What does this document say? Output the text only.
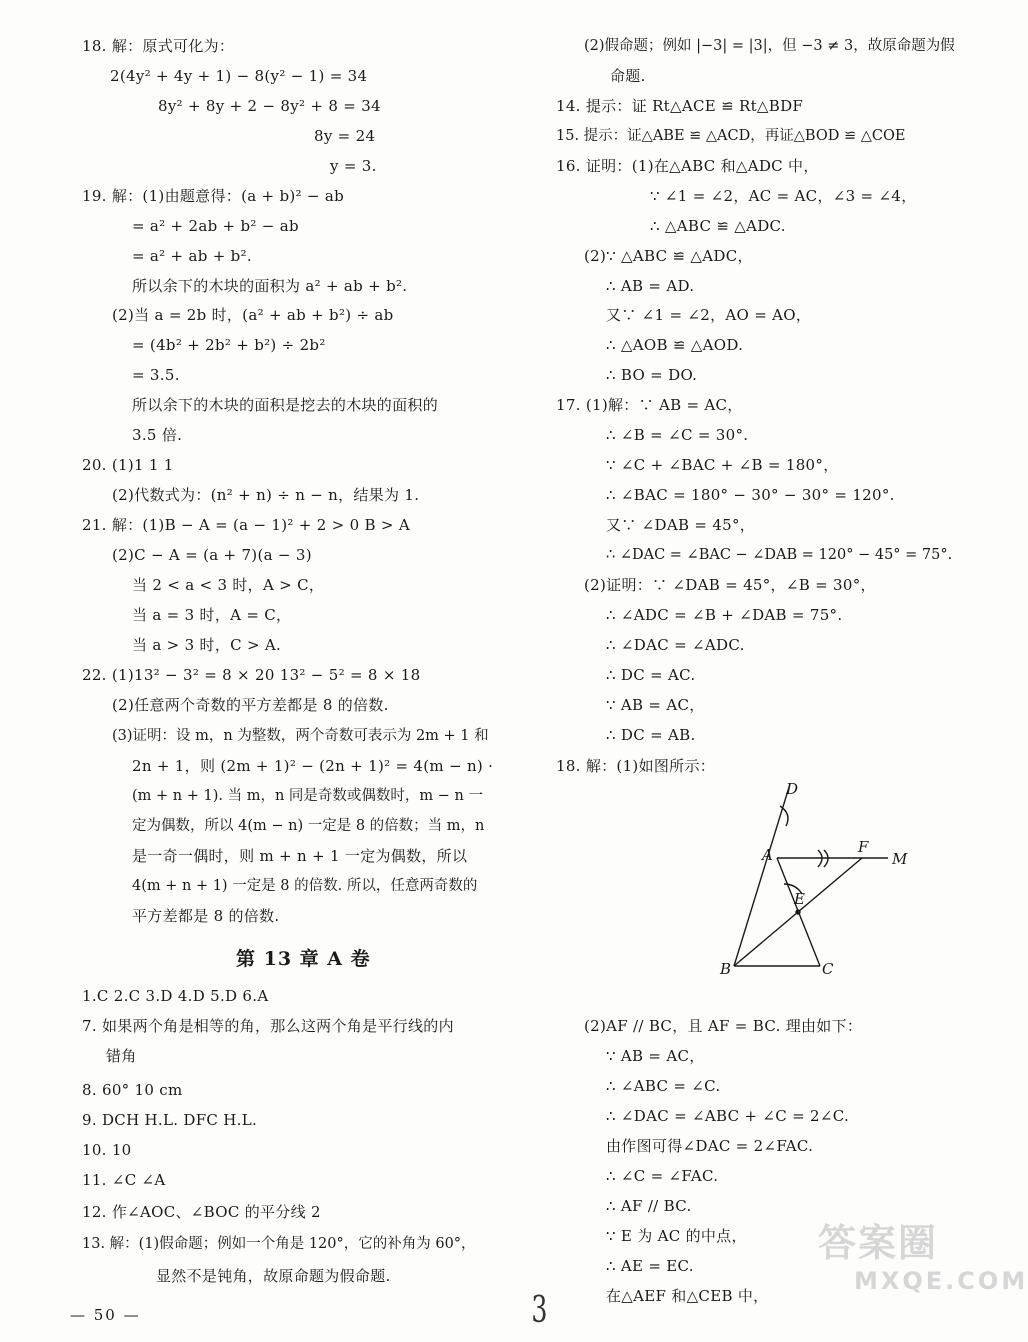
18. 解：原式可化为：
2(4y² + 4y + 1) − 8(y² − 1) = 34
8y² + 8y + 2 − 8y² + 8 = 34
8y = 24
y = 3.
19. 解：(1)由题意得：(a + b)² − ab
= a² + 2ab + b² − ab
= a² + ab + b².
所以余下的木块的面积为 a² + ab + b².
(2)当 a = 2b 时，(a² + ab + b²) ÷ ab
= (4b² + 2b² + b²) ÷ 2b²
= 3.5.
所以余下的木块的面积是挖去的木块的面积的
3.5 倍.
20. (1)1 1 1
(2)代数式为：(n² + n) ÷ n − n，结果为 1.
21. 解：(1)B − A = (a − 1)² + 2 > 0 B > A
(2)C − A = (a + 7)(a − 3)
当 2 < a < 3 时，A > C，
当 a = 3 时，A = C，
当 a > 3 时，C > A.
22. (1)13² − 3² = 8 × 20 13² − 5² = 8 × 18
(2)任意两个奇数的平方差都是 8 的倍数.
(3)证明：设 m，n 为整数，两个奇数可表示为 2m + 1 和
2n + 1，则 (2m + 1)² − (2n + 1)² = 4(m − n) ·
(m + n + 1). 当 m，n 同是奇数或偶数时，m − n 一
定为偶数，所以 4(m − n) 一定是 8 的倍数；当 m，n
是一奇一偶时，则 m + n + 1 一定为偶数，所以
4(m + n + 1) 一定是 8 的倍数. 所以，任意两奇数的
平方差都是 8 的倍数.
1.C 2.C 3.D 4.D 5.D 6.A
7. 如果两个角是相等的角，那么这两个角是平行线的内
错角
8. 60° 10 cm
9. DCH H.L. DFC H.L.
10. 10
11. ∠C ∠A
12. 作∠AOC、∠BOC 的平分线 2
13. 解：(1)假命题；例如一个角是 120°，它的补角为 60°，
显然不是钝角，故原命题为假命题.
(2)假命题；例如 |−3| = |3|，但 −3 ≠ 3，故原命题为假
命题.
14. 提示：证 Rt△ACE ≌ Rt△BDF
15. 提示：证△ABE ≌ △ACD，再证△BOD ≌ △COE
16. 证明：(1)在△ABC 和△ADC 中，
∵ ∠1 = ∠2，AC = AC，∠3 = ∠4，
∴ △ABC ≌ △ADC.
(2)∵ △ABC ≌ △ADC，
∴ AB = AD.
又∵ ∠1 = ∠2，AO = AO，
∴ △AOB ≌ △AOD.
∴ BO = DO.
17. (1)解：∵ AB = AC，
∴ ∠B = ∠C = 30°.
∵ ∠C + ∠BAC + ∠B = 180°，
∴ ∠BAC = 180° − 30° − 30° = 120°.
又∵ ∠DAB = 45°，
∴ ∠DAC = ∠BAC − ∠DAB = 120° − 45° = 75°.
(2)证明：∵ ∠DAB = 45°，∠B = 30°，
∴ ∠ADC = ∠B + ∠DAB = 75°.
∴ ∠DAC = ∠ADC.
∴ DC = AC.
∵ AB = AC，
∴ DC = AB.
18. 解：(1)如图所示：
(2)AF // BC，且 AF = BC. 理由如下：
∵ AB = AC，
∴ ∠ABC = ∠C.
∴ ∠DAC = ∠ABC + ∠C = 2∠C.
由作图可得∠DAC = 2∠FAC.
∴ ∠C = ∠FAC.
∴ AF // BC.
∵ E 为 AC 的中点，
∴ AE = EC.
在△AEF 和△CEB 中，
第 13 章 A 卷
D
A	F
M
E
B	C
— 50 —	3
答案圈
MXQE.COM
